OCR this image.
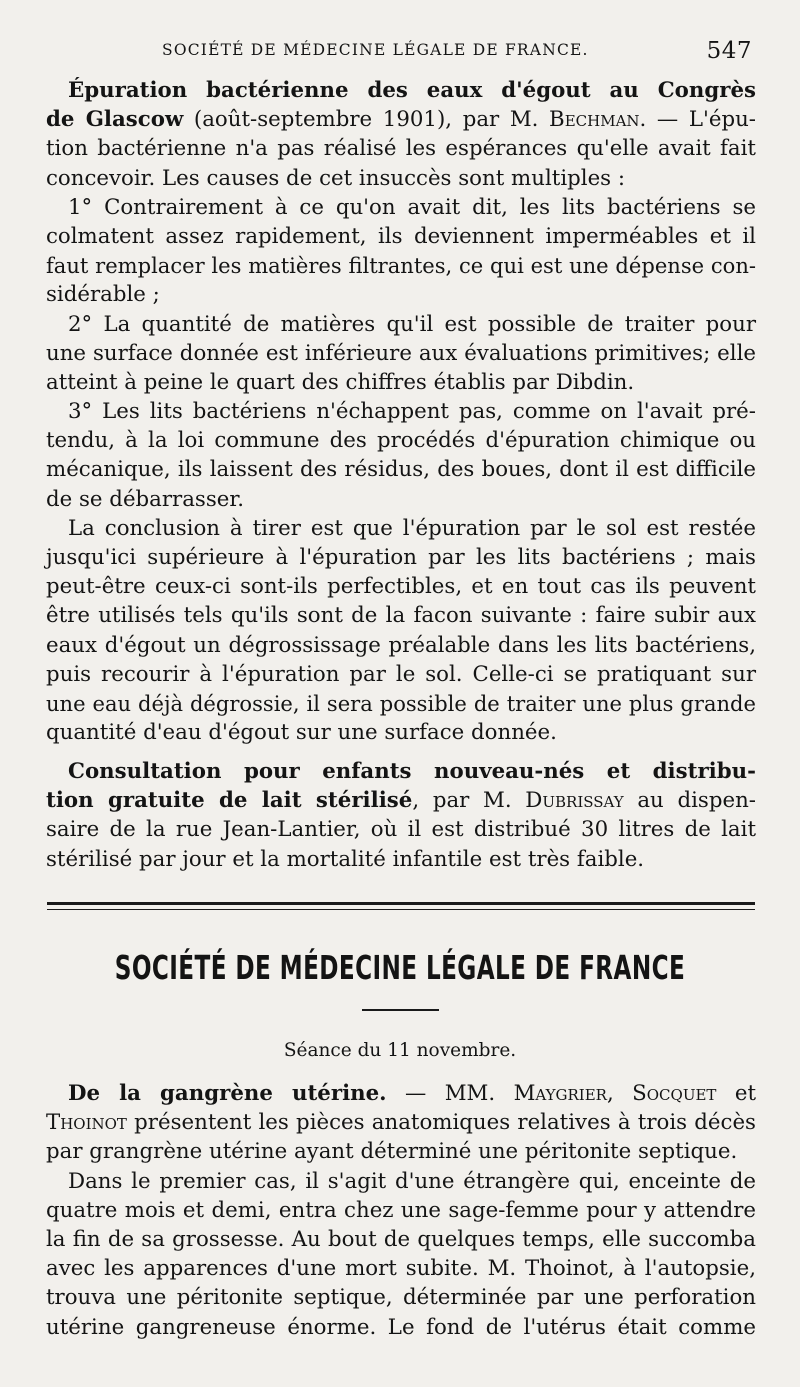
SOCIÉTÉ DE MÉDECINE LÉGALE DE FRANCE.	547
Épuration bactérienne des eaux d'égout au Congrès
de Glascow (août-septembre 1901), par M. Bechman. — L'épu-
tion bactérienne n'a pas réalisé les espérances qu'elle avait fait
concevoir. Les causes de cet insuccès sont multiples :
1° Contrairement à ce qu'on avait dit, les lits bactériens se
colmatent assez rapidement, ils deviennent imperméables et il
faut remplacer les matières filtrantes, ce qui est une dépense con-
sidérable ;
2° La quantité de matières qu'il est possible de traiter pour
une surface donnée est inférieure aux évaluations primitives; elle
atteint à peine le quart des chiffres établis par Dibdin.
3° Les lits bactériens n'échappent pas, comme on l'avait pré-
tendu, à la loi commune des procédés d'épuration chimique ou
mécanique, ils laissent des résidus, des boues, dont il est difficile
de se débarrasser.
La conclusion à tirer est que l'épuration par le sol est restée
jusqu'ici supérieure à l'épuration par les lits bactériens ; mais
peut-être ceux-ci sont-ils perfectibles, et en tout cas ils peuvent
être utilisés tels qu'ils sont de la facon suivante : faire subir aux
eaux d'égout un dégrossissage préalable dans les lits bactériens,
puis recourir à l'épuration par le sol. Celle-ci se pratiquant sur
une eau déjà dégrossie, il sera possible de traiter une plus grande
quantité d'eau d'égout sur une surface donnée.
Consultation pour enfants nouveau-nés et distribu-
tion gratuite de lait stérilisé, par M. Dubrissay au dispen-
saire de la rue Jean-Lantier, où il est distribué 30 litres de lait
stérilisé par jour et la mortalité infantile est très faible.
SOCIÉTÉ DE MÉDECINE LÉGALE DE FRANCE
Séance du 11 novembre.
De la gangrène utérine. — MM. Maygrier, Socquet et
Thoinot présentent les pièces anatomiques relatives à trois décès
par grangrène utérine ayant déterminé une péritonite septique.
Dans le premier cas, il s'agit d'une étrangère qui, enceinte de
quatre mois et demi, entra chez une sage-femme pour y attendre
la fin de sa grossesse. Au bout de quelques temps, elle succomba
avec les apparences d'une mort subite. M. Thoinot, à l'autopsie,
trouva une péritonite septique, déterminée par une perforation
utérine gangreneuse énorme. Le fond de l'utérus était comme
